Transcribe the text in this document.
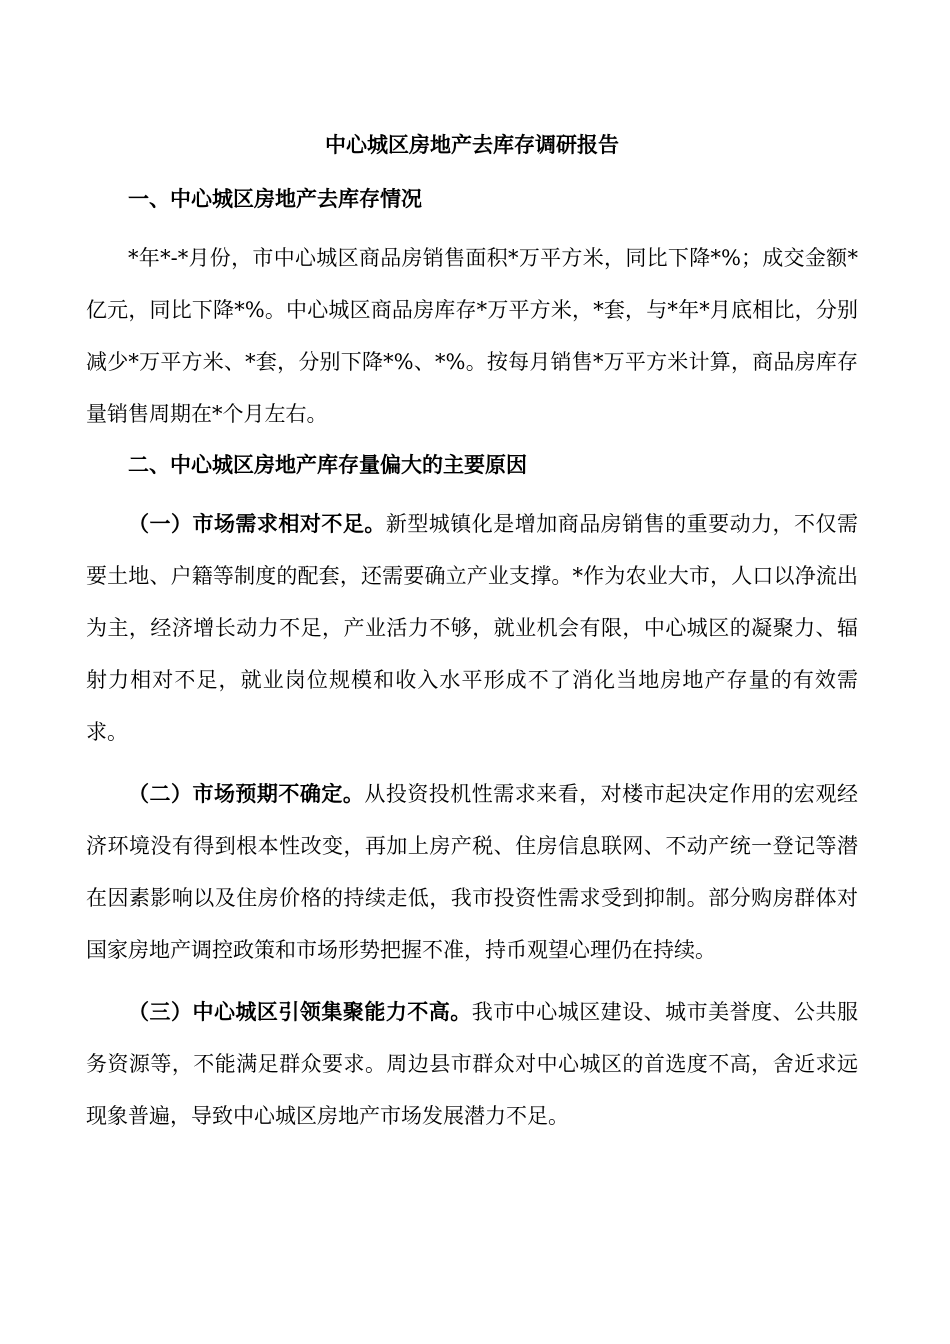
中心城区房地产去库存调研报告
一、中心城区房地产去库存情况

*年*-*月份，市中心城区商品房销售面积*万平方米，同比下降*%；成交金额*亿元，同比下降*%。中心城区商品房库存*万平方米，*套，与*年*月底相比，分别减少*万平方米、*套，分别下降*%、*%。按每月销售*万平方米计算，商品房库存量销售周期在*个月左右。

二、中心城区房地产库存量偏大的主要原因

（一）市场需求相对不足。新型城镇化是增加商品房销售的重要动力，不仅需要土地、户籍等制度的配套，还需要确立产业支撑。*作为农业大市，人口以净流出为主，经济增长动力不足，产业活力不够，就业机会有限，中心城区的凝聚力、辐射力相对不足，就业岗位规模和收入水平形成不了消化当地房地产存量的有效需求。

（二）市场预期不确定。从投资投机性需求来看，对楼市起决定作用的宏观经济环境没有得到根本性改变，再加上房产税、住房信息联网、不动产统一登记等潜在因素影响以及住房价格的持续走低，我市投资性需求受到抑制。部分购房群体对国家房地产调控政策和市场形势把握不准，持币观望心理仍在持续。

（三）中心城区引领集聚能力不高。我市中心城区建设、城市美誉度、公共服务资源等，不能满足群众要求。周边县市群众对中心城区的首选度不高，舍近求远现象普遍，导致中心城区房地产市场发展潜力不足。
